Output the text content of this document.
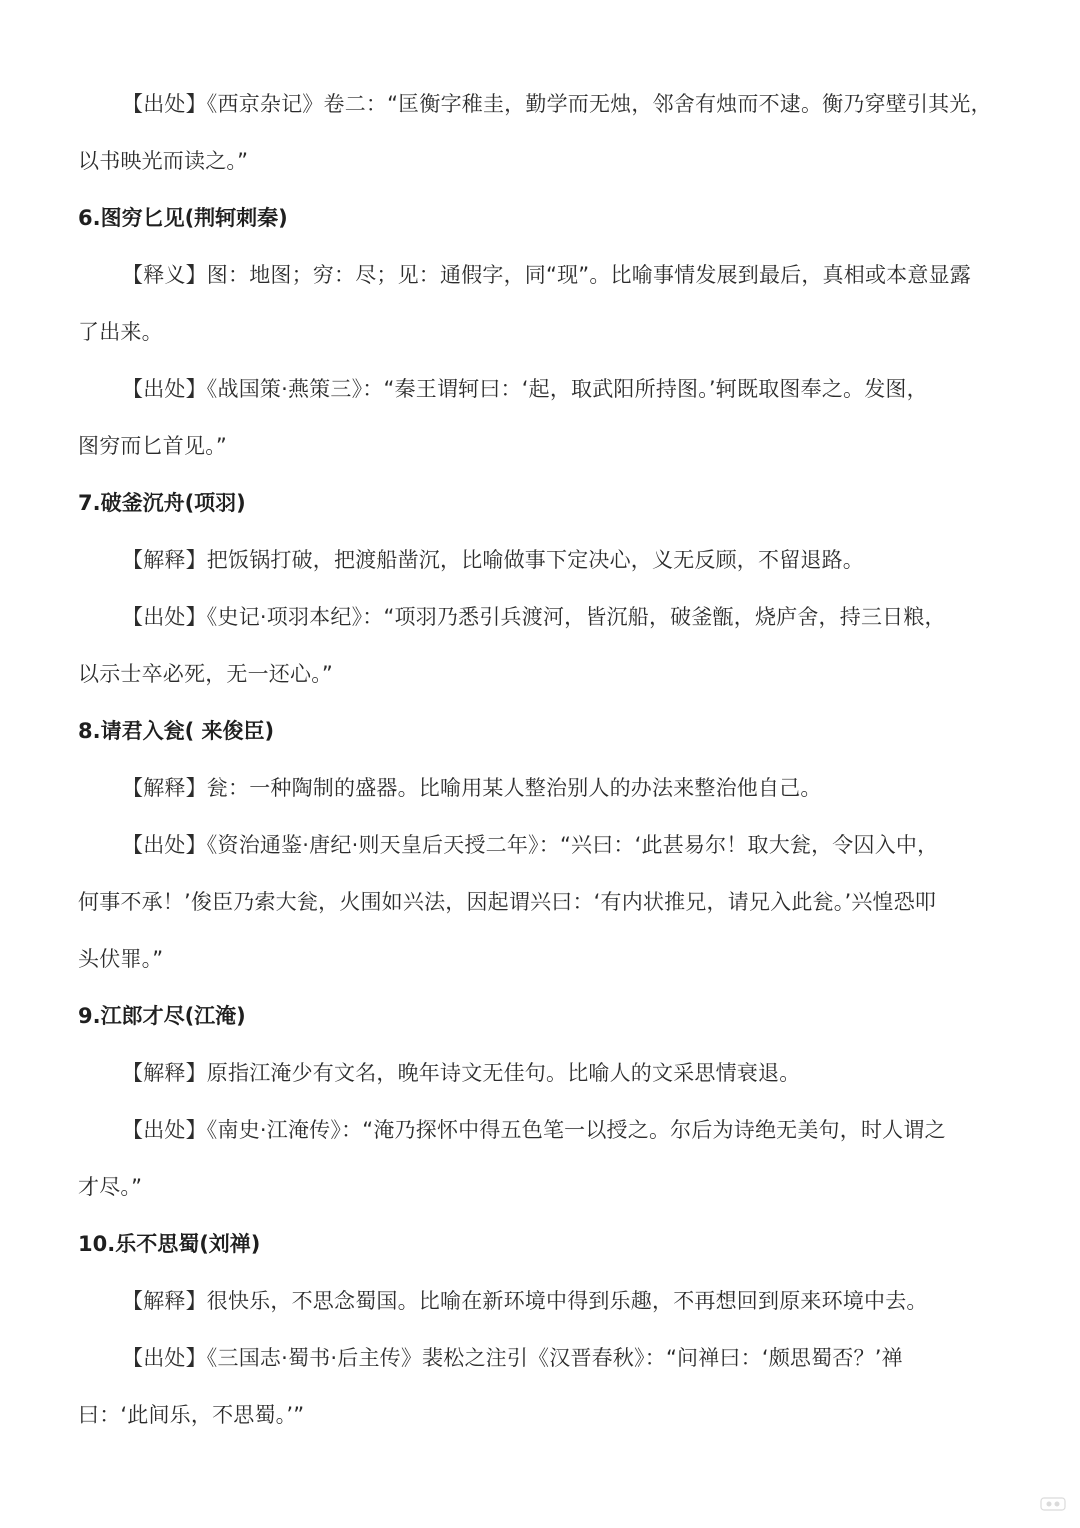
【出处】《西京杂记》卷二：“匡衡字稚圭，勤学而无烛，邻舍有烛而不逮。衡乃穿壁引其光，
以书映光而读之。”
6.图穷匕见(荆轲刺秦)
【释义】图：地图；穷：尽；见：通假字，同“现”。比喻事情发展到最后，真相或本意显露
了出来。
【出处】《战国策·燕策三》：“秦王谓轲曰：‘起，取武阳所持图。’轲既取图奉之。发图，
图穷而匕首见。”
7.破釜沉舟(项羽)
【解释】把饭锅打破，把渡船凿沉，比喻做事下定决心，义无反顾，不留退路。
【出处】《史记·项羽本纪》：“项羽乃悉引兵渡河，皆沉船，破釜甑，烧庐舍，持三日粮，
以示士卒必死，无一还心。”
8.请君入瓮( 来俊臣)
【解释】瓮：一种陶制的盛器。比喻用某人整治别人的办法来整治他自己。
【出处】《资治通鉴·唐纪·则天皇后天授二年》：“兴曰：‘此甚易尔！取大瓮，令囚入中，
何事不承！’俊臣乃索大瓮，火围如兴法，因起谓兴曰：‘有内状推兄，请兄入此瓮。’兴惶恐叩
头伏罪。”
9.江郎才尽(江淹)
【解释】原指江淹少有文名，晚年诗文无佳句。比喻人的文采思情衰退。
【出处】《南史·江淹传》：“淹乃探怀中得五色笔一以授之。尔后为诗绝无美句，时人谓之
才尽。”
10.乐不思蜀(刘禅)
【解释】很快乐，不思念蜀国。比喻在新环境中得到乐趣，不再想回到原来环境中去。
【出处】《三国志·蜀书·后主传》裴松之注引《汉晋春秋》：“问禅曰：‘颇思蜀否？’禅
曰：‘此间乐，不思蜀。’”
